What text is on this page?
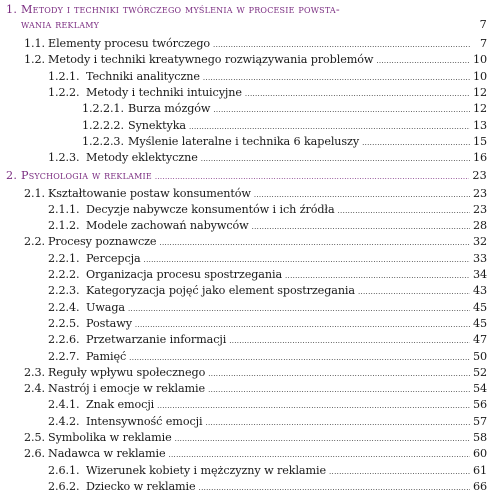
1. Metody i techniki twórczego myślenia w procesie powsta-
wania reklamy	7
1.1. Elementy procesu twórczego .....	7
1.2. Metody i techniki kreatywnego rozwiązywania problemów .....	10
1.2.1. Techniki analityczne .....	10
1.2.2. Metody i techniki intuicyjne .....	12
1.2.2.1. Burza mózgów .....	12
1.2.2.2. Synektyka .....	13
1.2.2.3. Myślenie lateralne i technika 6 kapeluszy .....	15
1.2.3. Metody eklektyczne .....	16
2. Psychologia w reklamie .....	23
2.1. Kształtowanie postaw konsumentów .....	23
2.1.1. Decyzje nabywcze konsumentów i ich źródła .....	23
2.1.2. Modele zachowań nabywców .....	28
2.2. Procesy poznawcze .....	32
2.2.1. Percepcja .....	33
2.2.2. Organizacja procesu spostrzegania .....	34
2.2.3. Kategoryzacja pojęć jako element spostrzegania .....	43
2.2.4. Uwaga .....	45
2.2.5. Postawy .....	45
2.2.6. Przetwarzanie informacji .....	47
2.2.7. Pamięć .....	50
2.3. Reguły wpływu społecznego .....	52
2.4. Nastrój i emocje w reklamie .....	54
2.4.1. Znak emocji .....	56
2.4.2. Intensywność emocji .....	57
2.5. Symbolika w reklamie .....	58
2.6. Nadawca w reklamie .....	60
2.6.1. Wizerunek kobiety i mężczyzny w reklamie .....	61
2.6.2. Dziecko w reklamie .....	66
